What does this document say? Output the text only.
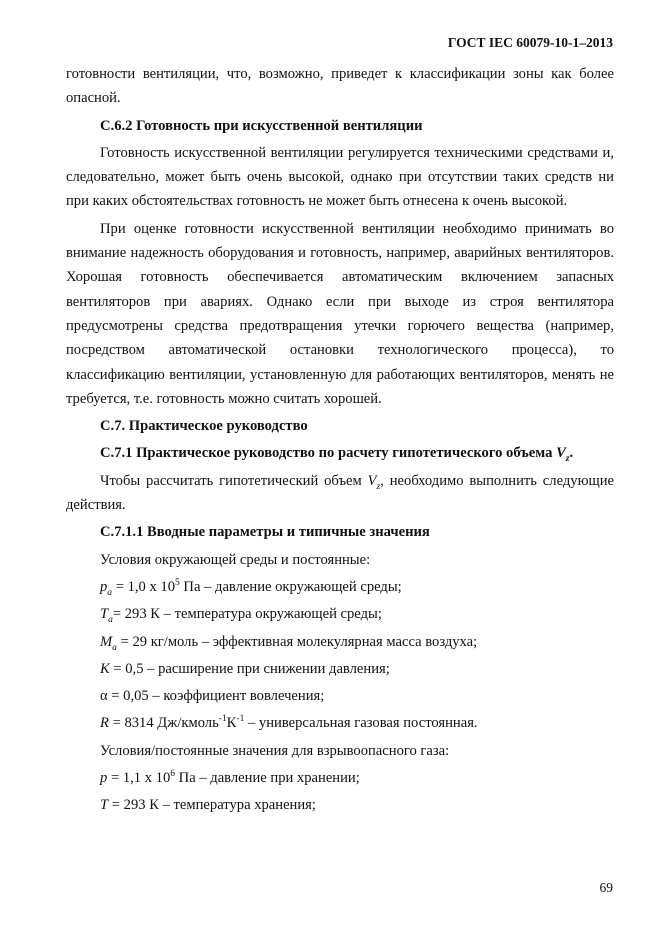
ГОСТ IEC 60079-10-1–2013

готовности вентиляции, что, возможно, приведет к классификации зоны как более опасной.

С.6.2 Готовность при искусственной вентиляции

Готовность искусственной вентиляции регулируется техническими средствами и, следовательно, может быть очень высокой, однако при отсутствии таких средств ни при каких обстоятельствах готовность не может быть отнесена к очень высокой.

При оценке готовности искусственной вентиляции необходимо принимать во внимание надежность оборудования и готовность, например, аварийных вентиляторов. Хорошая готовность обеспечивается автоматическим включением запасных вентиляторов при авариях. Однако если при выходе из строя вентилятора предусмотрены средства предотвращения утечки горючего вещества (например, посредством автоматической остановки технологического процесса), то классификацию вентиляции, установленную для работающих вентиляторов, менять не требуется, т.е. готовность можно считать хорошей.

С.7. Практическое руководство

С.7.1 Практическое руководство по расчету гипотетического объема $V_z$.

Чтобы рассчитать гипотетический объем $V_z$, необходимо выполнить следующие действия.

С.7.1.1 Вводные параметры и типичные значения

Условия окружающей среды и постоянные:

$p_a = 1,0$ x $10^5$ Па – давление окружающей среды;

$T_a= 293$ К – температура окружающей среды;

$M_a = 29$ кг/моль – эффективная молекулярная масса воздуха;

K = 0,5 – расширение при снижении давления;

α = 0,05 – коэффициент вовлечения;

R = 8314 $Дж/кмоль^{-1}К^{-1}$ – универсальная газовая постоянная.

Условия/постоянные значения для взрывоопасного газа:

p = 1,1 x $10^6$ Па – давление при хранении;

T = 293 К – температура хранения;

69
